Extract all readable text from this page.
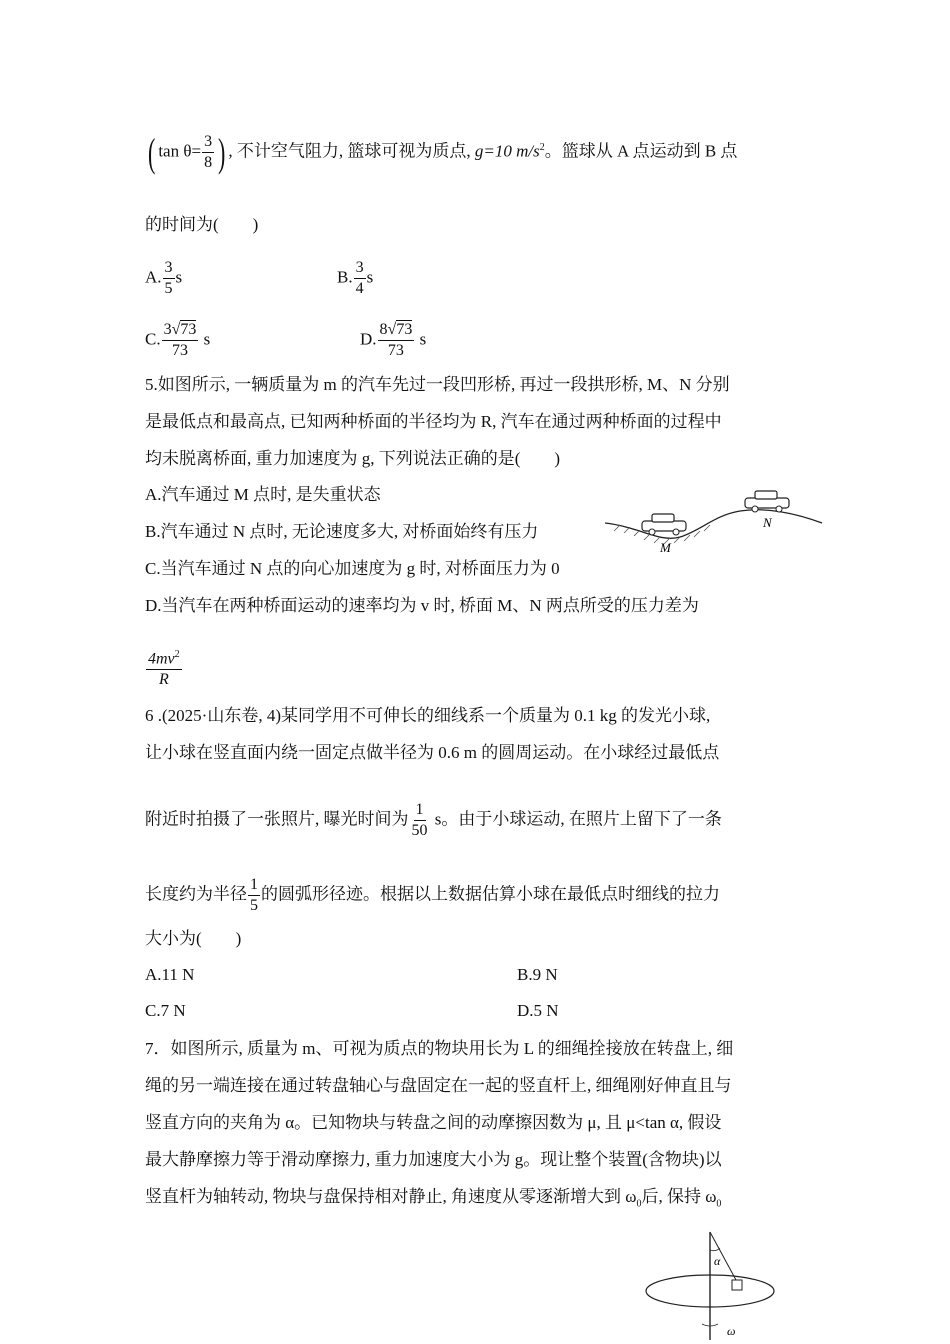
( $\tan \theta= \frac{3}{8}$ ) , 不计空气阻力, 篮球可视为质点, g=10 $m/s^2$。篮球从 A 点运动到 B 点
的时间为(　　)
A. $\frac{3}{5}$ s	B. $\frac{3}{4}$ s
C. $\frac{3√73}{73}$ s	D. $\frac{8√73}{73}$ s
5.如图所示, 一辆质量为 m 的汽车先过一段凹形桥, 再过一段拱形桥, M、N 分别
是最低点和最高点, 已知两种桥面的半径均为 R, 汽车在通过两种桥面的过程中
均未脱离桥面, 重力加速度为 g, 下列说法正确的是(　　)
A.汽车通过 M 点时, 是失重状态
B.汽车通过 N 点时, 无论速度多大, 对桥面始终有压力
C.当汽车通过 N 点的向心加速度为 g 时, 对桥面压力为 0
D.当汽车在两种桥面运动的速率均为 v 时, 桥面 M、N 两点所受的压力差为
$\frac{4mv^2}{R}$
M
N
6 .(2025·山东卷, 4)某同学用不可伸长的细线系一个质量为 0.1 kg 的发光小球,
让小球在竖直面内绕一固定点做半径为 0.6 m 的圆周运动。在小球经过最低点
附近时拍摄了一张照片, 曝光时间为 $\frac{1}{50}$ s。由于小球运动, 在照片上留下了一条
长度约为半径 $\frac{1}{5}$ 的圆弧形径迹。根据以上数据估算小球在最低点时细线的拉力
大小为(　　)
A.11 N	B.9 N
C.7 N	D.5 N
7．如图所示, 质量为 m、可视为质点的物块用长为 L 的细绳拴接放在转盘上, 细
绳的另一端连接在通过转盘轴心与盘固定在一起的竖直杆上, 细绳刚好伸直且与
竖直方向的夹角为 α。已知物块与转盘之间的动摩擦因数为 μ, 且 μ<tan α, 假设
最大静摩擦力等于滑动摩擦力, 重力加速度大小为 g。现让整个装置(含物块)以
竖直杆为轴转动, 物块与盘保持相对静止, 角速度从零逐渐增大到 $\omega_0$后, 保持 $\omega_0$
α
ω
